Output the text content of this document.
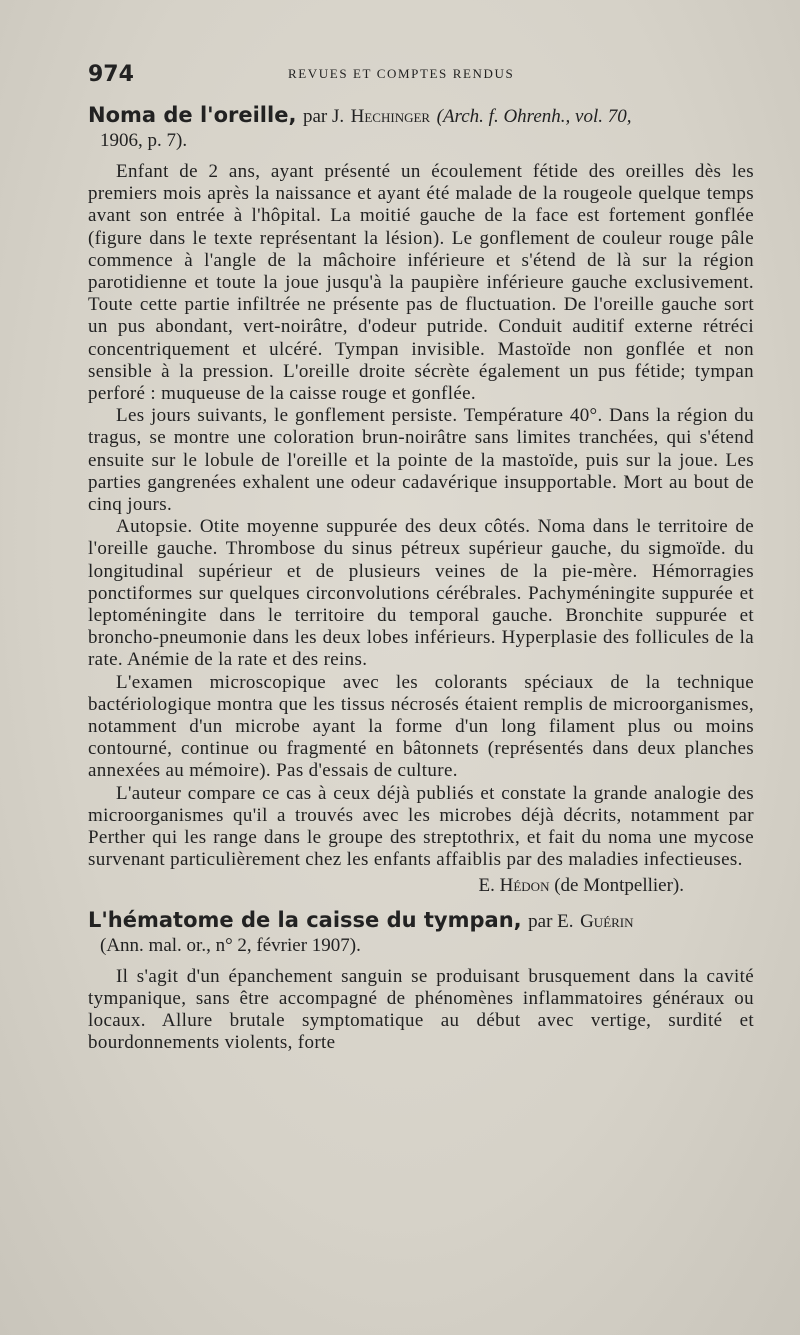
974	REVUES ET COMPTES RENDUS
Noma de l'oreille, par J. Hechinger (Arch. f. Ohrenh., vol. 70,
1906, p. 7).

Enfant de 2 ans, ayant présenté un écoulement fétide des oreilles dès les premiers mois après la naissance et ayant été malade de la rougeole quelque temps avant son entrée à l'hôpital. La moitié gauche de la face est fortement gonflée (figure dans le texte représentant la lésion). Le gonflement de couleur rouge pâle commence à l'angle de la mâchoire inférieure et s'étend de là sur la région parotidienne et toute la joue jusqu'à la paupière inférieure gauche exclusivement. Toute cette partie infiltrée ne présente pas de fluctuation. De l'oreille gauche sort un pus abondant, vert-noirâtre, d'odeur putride. Conduit auditif externe rétréci concentriquement et ulcéré. Tympan invisible. Mastoïde non gonflée et non sensible à la pression. L'oreille droite sécrète également un pus fétide; tympan perforé : muqueuse de la caisse rouge et gonflée.

Les jours suivants, le gonflement persiste. Température 40°. Dans la région du tragus, se montre une coloration brun-noirâtre sans limites tranchées, qui s'étend ensuite sur le lobule de l'oreille et la pointe de la mastoïde, puis sur la joue. Les parties gangrenées exhalent une odeur cadavérique insupportable. Mort au bout de cinq jours.

Autopsie. Otite moyenne suppurée des deux côtés. Noma dans le territoire de l'oreille gauche. Thrombose du sinus pétreux supérieur gauche, du sigmoïde. du longitudinal supérieur et de plusieurs veines de la pie-mère. Hémorragies ponctiformes sur quelques circonvolutions cérébrales. Pachyméningite suppurée et leptoméningite dans le territoire du temporal gauche. Bronchite suppurée et broncho-pneumonie dans les deux lobes inférieurs. Hyperplasie des follicules de la rate. Anémie de la rate et des reins.

L'examen microscopique avec les colorants spéciaux de la technique bactériologique montra que les tissus nécrosés étaient remplis de microorganismes, notamment d'un microbe ayant la forme d'un long filament plus ou moins contourné, continue ou fragmenté en bâtonnets (représentés dans deux planches annexées au mémoire). Pas d'essais de culture.

L'auteur compare ce cas à ceux déjà publiés et constate la grande analogie des microorganismes qu'il a trouvés avec les microbes déjà décrits, notamment par Perther qui les range dans le groupe des streptothrix, et fait du noma une mycose survenant particulièrement chez les enfants affaiblis par des maladies infectieuses.

E. Hédon (de Montpellier).
L'hématome de la caisse du tympan, par E. Guérin
(Ann. mal. or., n° 2, février 1907).

Il s'agit d'un épanchement sanguin se produisant brusquement dans la cavité tympanique, sans être accompagné de phénomènes inflammatoires généraux ou locaux. Allure brutale symptomatique au début avec vertige, surdité et bourdonnements violents, forte
